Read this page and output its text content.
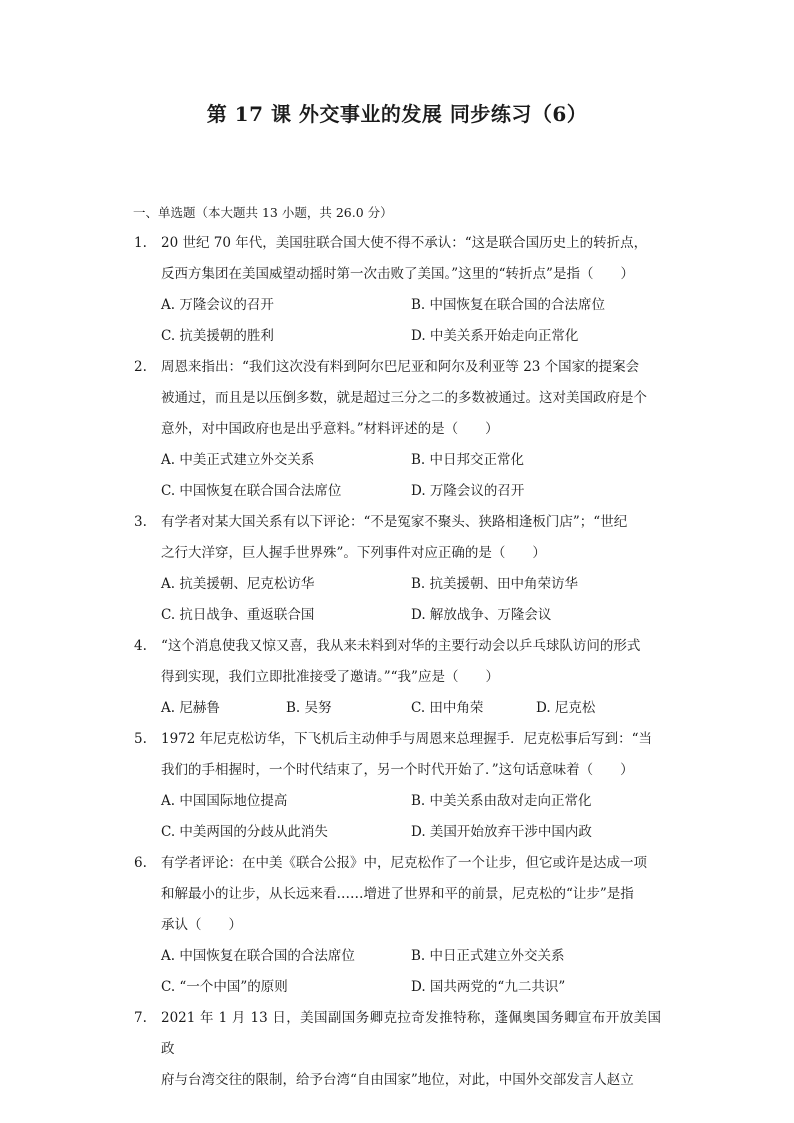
第 17 课 外交事业的发展 同步练习（6）
一、单选题（本大题共 13 小题，共 26.0 分）
1.	20 世纪 70 年代，美国驻联合国大使不得不承认：“这是联合国历史上的转折点，
反西方集团在美国威望动摇时第一次击败了美国。”这里的“转折点”是指（　　）
A. 万隆会议的召开	B. 中国恢复在联合国的合法席位
C. 抗美援朝的胜利	D. 中美关系开始走向正常化
2.	周恩来指出：“我们这次没有料到阿尔巴尼亚和阿尔及利亚等 23 个国家的提案会
被通过，而且是以压倒多数，就是超过三分之二的多数被通过。这对美国政府是个
意外，对中国政府也是出乎意料。”材料评述的是（　　）
A. 中美正式建立外交关系	B. 中日邦交正常化
C. 中国恢复在联合国合法席位	D. 万隆会议的召开
3.	有学者对某大国关系有以下评论：“不是冤家不聚头、狭路相逢板门店”；“世纪
之行大洋穿，巨人握手世界殊”。下列事件对应正确的是（　　）
A. 抗美援朝、尼克松访华	B. 抗美援朝、田中角荣访华
C. 抗日战争、重返联合国	D. 解放战争、万隆会议
4.	“这个消息使我又惊又喜，我从来未料到对华的主要行动会以乒乓球队访问的形式
得到实现，我们立即批准接受了邀请。”“我”应是（　　）
A. 尼赫鲁	B. 吴努	C. 田中角荣	D. 尼克松
5.	1972 年尼克松访华，下飞机后主动伸手与周恩来总理握手．尼克松事后写到：“当
我们的手相握时，一个时代结束了，另一个时代开始了．”这句话意味着（　　）
A. 中国国际地位提高	B. 中美关系由敌对走向正常化
C. 中美两国的分歧从此消失	D. 美国开始放弃干涉中国内政
6.	有学者评论：在中美《联合公报》中，尼克松作了一个让步，但它或许是达成一项
和解最小的让步，从长远来看……增进了世界和平的前景，尼克松的“让步”是指
承认（　　）
A. 中国恢复在联合国的合法席位	B. 中日正式建立外交关系
C. “一个中国”的原则	D. 国共两党的“九二共识”
7.	2021 年 1 月 13 日，美国副国务卿克拉奇发推特称，蓬佩奥国务卿宣布开放美国政
府与台湾交往的限制，给予台湾“自由国家”地位，对此，中国外交部发言人赵立
